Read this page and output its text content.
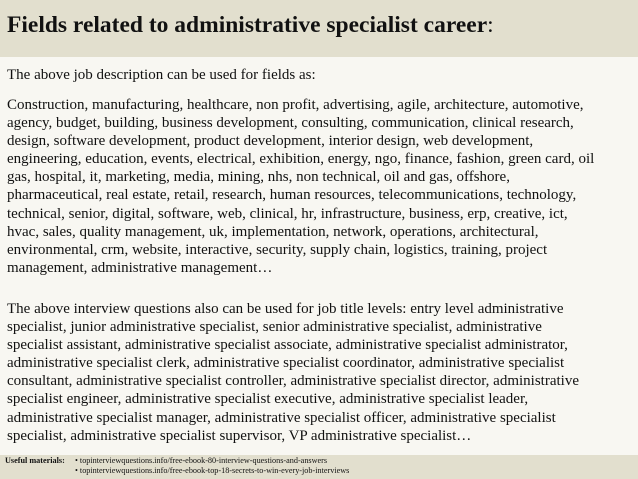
Fields related to administrative specialist career:

The above job description can be used for fields as:

Construction, manufacturing, healthcare, non profit, advertising, agile, architecture, automotive,
agency, budget, building, business development, consulting, communication, clinical research,
design, software development, product development, interior design, web development,
engineering, education, events, electrical, exhibition, energy, ngo, finance, fashion, green card, oil
gas, hospital, it, marketing, media, mining, nhs, non technical, oil and gas, offshore,
pharmaceutical, real estate, retail, research, human resources, telecommunications, technology,
technical, senior, digital, software, web, clinical, hr, infrastructure, business, erp, creative, ict,
hvac, sales, quality management, uk, implementation, network, operations, architectural,
environmental, crm, website, interactive, security, supply chain, logistics, training, project
management, administrative management…

The above interview questions also can be used for job title levels: entry level administrative
specialist, junior administrative specialist, senior administrative specialist, administrative
specialist assistant, administrative specialist associate, administrative specialist administrator,
administrative specialist clerk, administrative specialist coordinator, administrative specialist
consultant, administrative specialist controller, administrative specialist director, administrative
specialist engineer, administrative specialist executive, administrative specialist leader,
administrative specialist manager, administrative specialist officer, administrative specialist
specialist, administrative specialist supervisor, VP administrative specialist…

Useful materials: • topinterviewquestions.info/free-ebook-80-interview-questions-and-answers
• topinterviewquestions.info/free-ebook-top-18-secrets-to-win-every-job-interviews
